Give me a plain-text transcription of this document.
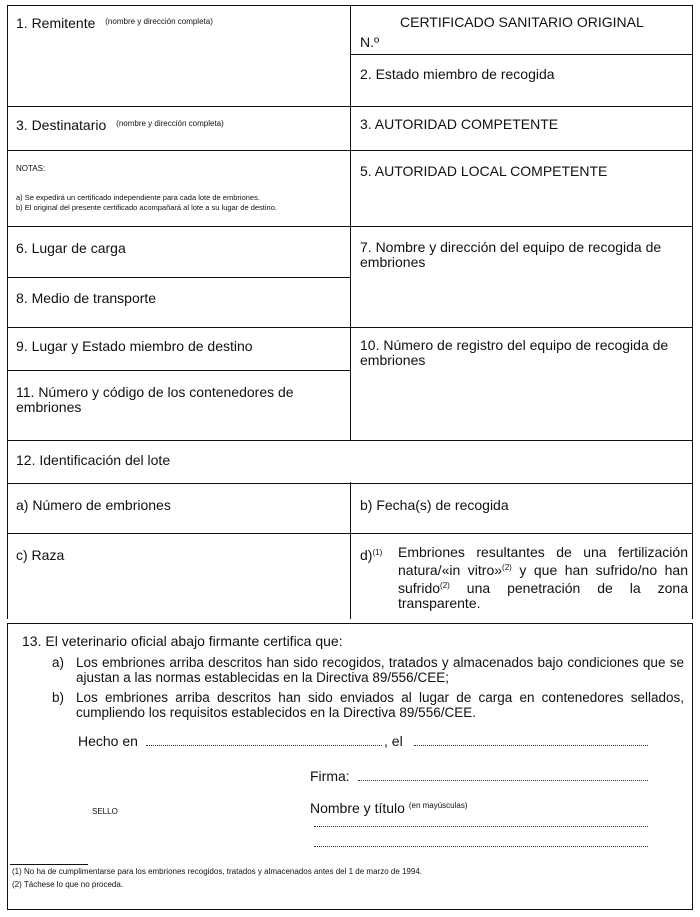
1. Remitente $^{(nombre y dirección completa)}$	CERTIFICADO SANITARIO ORIGINAL
N.º
2. Estado miembro de recogida
3. Destinatario $^{(nombre y dirección completa)}$	3. AUTORIDAD COMPETENTE
NOTAS:
a) Se expedirá un certificado independiente para cada lote de embriones.
b) El original del presente certificado acompañará al lote a su lugar de destino.
5. AUTORIDAD LOCAL COMPETENTE
6. Lugar de carga	7. Nombre y dirección del equipo de recogida de embriones
8. Medio de transporte
9. Lugar y Estado miembro de destino	10. Número de registro del equipo de recogida de embriones
11. Número y código de los contenedores de embriones
12. Identificación del lote
a) Número de embriones	b) Fecha(s) de recogida
c) Raza	d)$^{(1)}$ Embriones resultantes de una fertilización natura/«in vitro»$^{(2)}$ y que han sufrido/no han sufrido$^{(2)}$ una penetración de la zona transparente.
13. El veterinario oficial abajo firmante certifica que:
a) Los embriones arriba descritos han sido recogidos, tratados y almacenados bajo condiciones que se ajustan a las normas establecidas en la Directiva 89/556/CEE;

b) Los embriones arriba descritos han sido enviados al lugar de carga en contenedores sellados, cumpliendo los requisitos establecidos en la Directiva 89/556/CEE.

Hecho en	, el
Firma:
SELLO	Nombre y título $^{(en mayúsculas)}$
(1) No ha de cumplimentarse para los embriones recogidos, tratados y almacenados antes del 1 de marzo de 1994.
(2) Táchese lo que no proceda.
